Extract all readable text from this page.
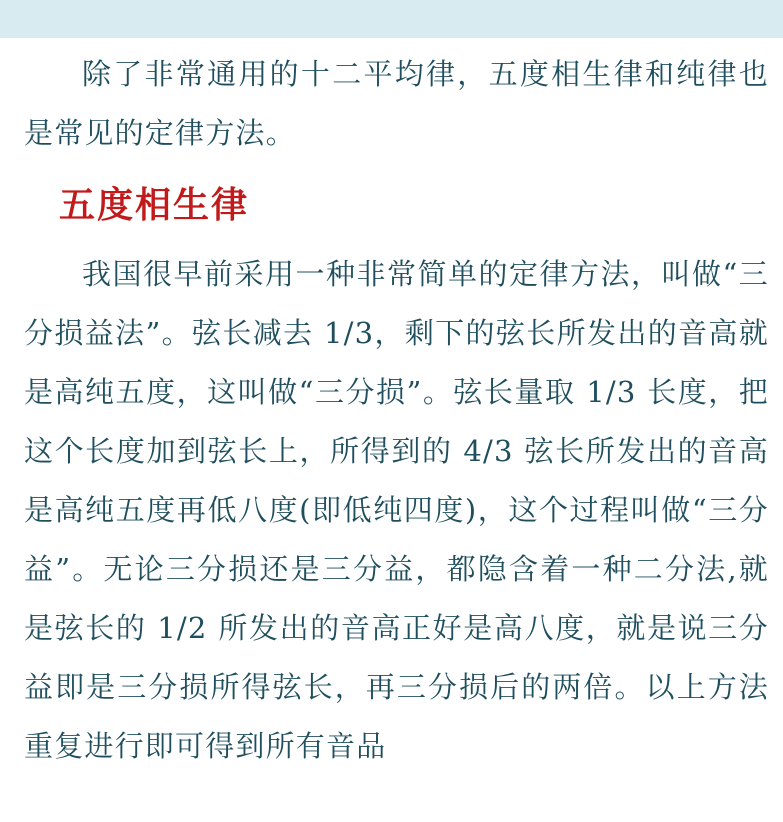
除了非常通用的十二平均律，五度相生律和纯律也是常见的定律方法。

五度相生律

我国很早前采用一种非常简单的定律方法，叫做“三分损益法”。弦长减去 1/3，剩下的弦长所发出的音高就是高纯五度，这叫做“三分损”。弦长量取 1/3 长度，把这个长度加到弦长上，所得到的 4/3 弦长所发出的音高是高纯五度再低八度(即低纯四度)，这个过程叫做“三分益”。无论三分损还是三分益，都隐含着一种二分法,就是弦长的 1/2 所发出的音高正好是高八度，就是说三分益即是三分损所得弦长，再三分损后的两倍。以上方法重复进行即可得到所有音品
